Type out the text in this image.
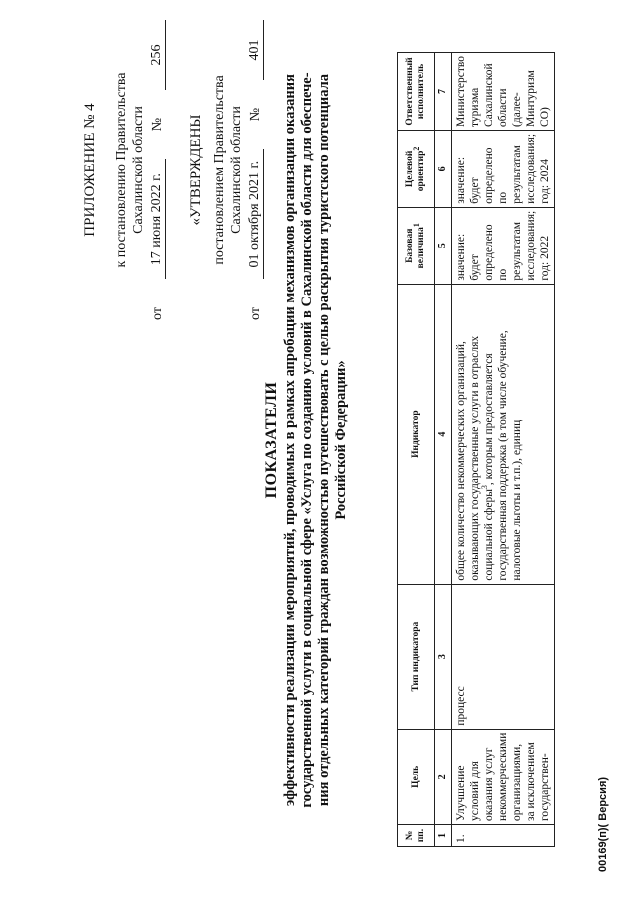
ПРИЛОЖЕНИЕ № 4 к постановлению Правительства Сахалинской области
от
17 июня 2022 г.
№
256
«УТВЕРЖДЕНЫ постановлением Правительства Сахалинской области
от
01 октября 2021 г.
№
401
ПОКАЗАТЕЛИ эффективности реализации мероприятий, проводимых в рамках апробации механизмов организации оказания государственной услуги в социальной сфере «Услуга по созданию условий в Сахалинской области для обеспече- ния отдельных категорий граждан возможностью путешествовать с целью раскрытия туристского потенциала Российской Федерации»
№ пп.	Цель	Тип индикатора	Индикатор	Базовая величина$^1$	Целевой ориентир$^2$	Ответственный исполнитель
1	2	3	4	5	6	7
1.	Улучшение условий для оказания услуг некоммерческими организациями, за исключением государствен-	процесс	общее количество некоммерческих организаций, оказывающих государственные услуги в отраслях социальной сферы$^3$, которым предоставляется государственная поддержка (в том числе обучение, налоговые льготы и т.п.), единиц	значение: будет определено по результатам исследования; год: 2022	значение: будет определено по результатам исследования; год: 2024	Министерство туризма Сахалинской области (далее- Минтуризм СО)
00169(п)( Версия)
